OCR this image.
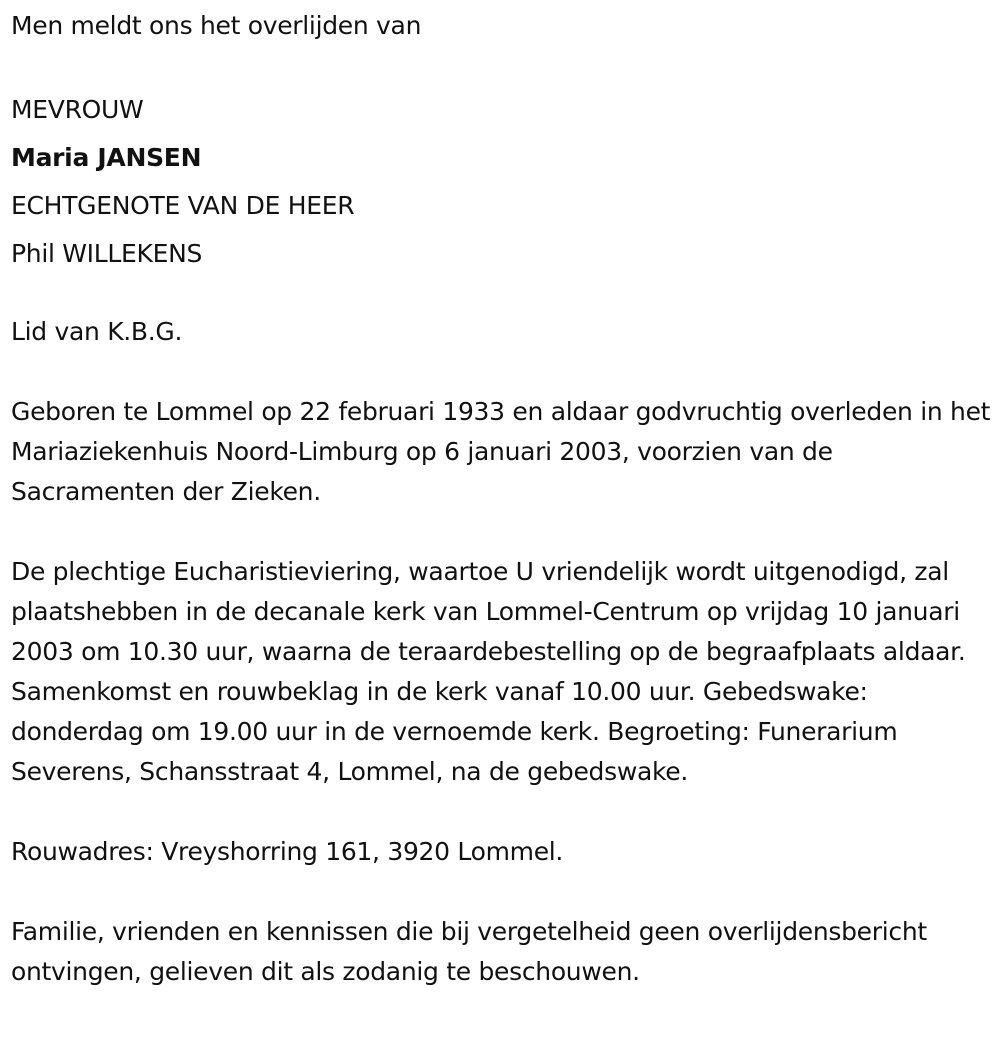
Men meldt ons het overlijden van

MEVROUW
Maria JANSEN
ECHTGENOTE VAN DE HEER
Phil WILLEKENS

Lid van K.B.G.

Geboren te Lommel op 22 februari 1933 en aldaar godvruchtig overleden in het Mariaziekenhuis Noord-Limburg op 6 januari 2003, voorzien van de Sacramenten der Zieken.

De plechtige Eucharistieviering, waartoe U vriendelijk wordt uitgenodigd, zal plaatshebben in de decanale kerk van Lommel-Centrum op vrijdag 10 januari 2003 om 10.30 uur, waarna de teraardebestelling op de begraafplaats aldaar. Samenkomst en rouwbeklag in de kerk vanaf 10.00 uur. Gebedswake: donderdag om 19.00 uur in de vernoemde kerk. Begroeting: Funerarium Severens, Schansstraat 4, Lommel, na de gebedswake.

Rouwadres: Vreyshorring 161, 3920 Lommel.

Familie, vrienden en kennissen die bij vergetelheid geen overlijdensbericht ontvingen, gelieven dit als zodanig te beschouwen.
